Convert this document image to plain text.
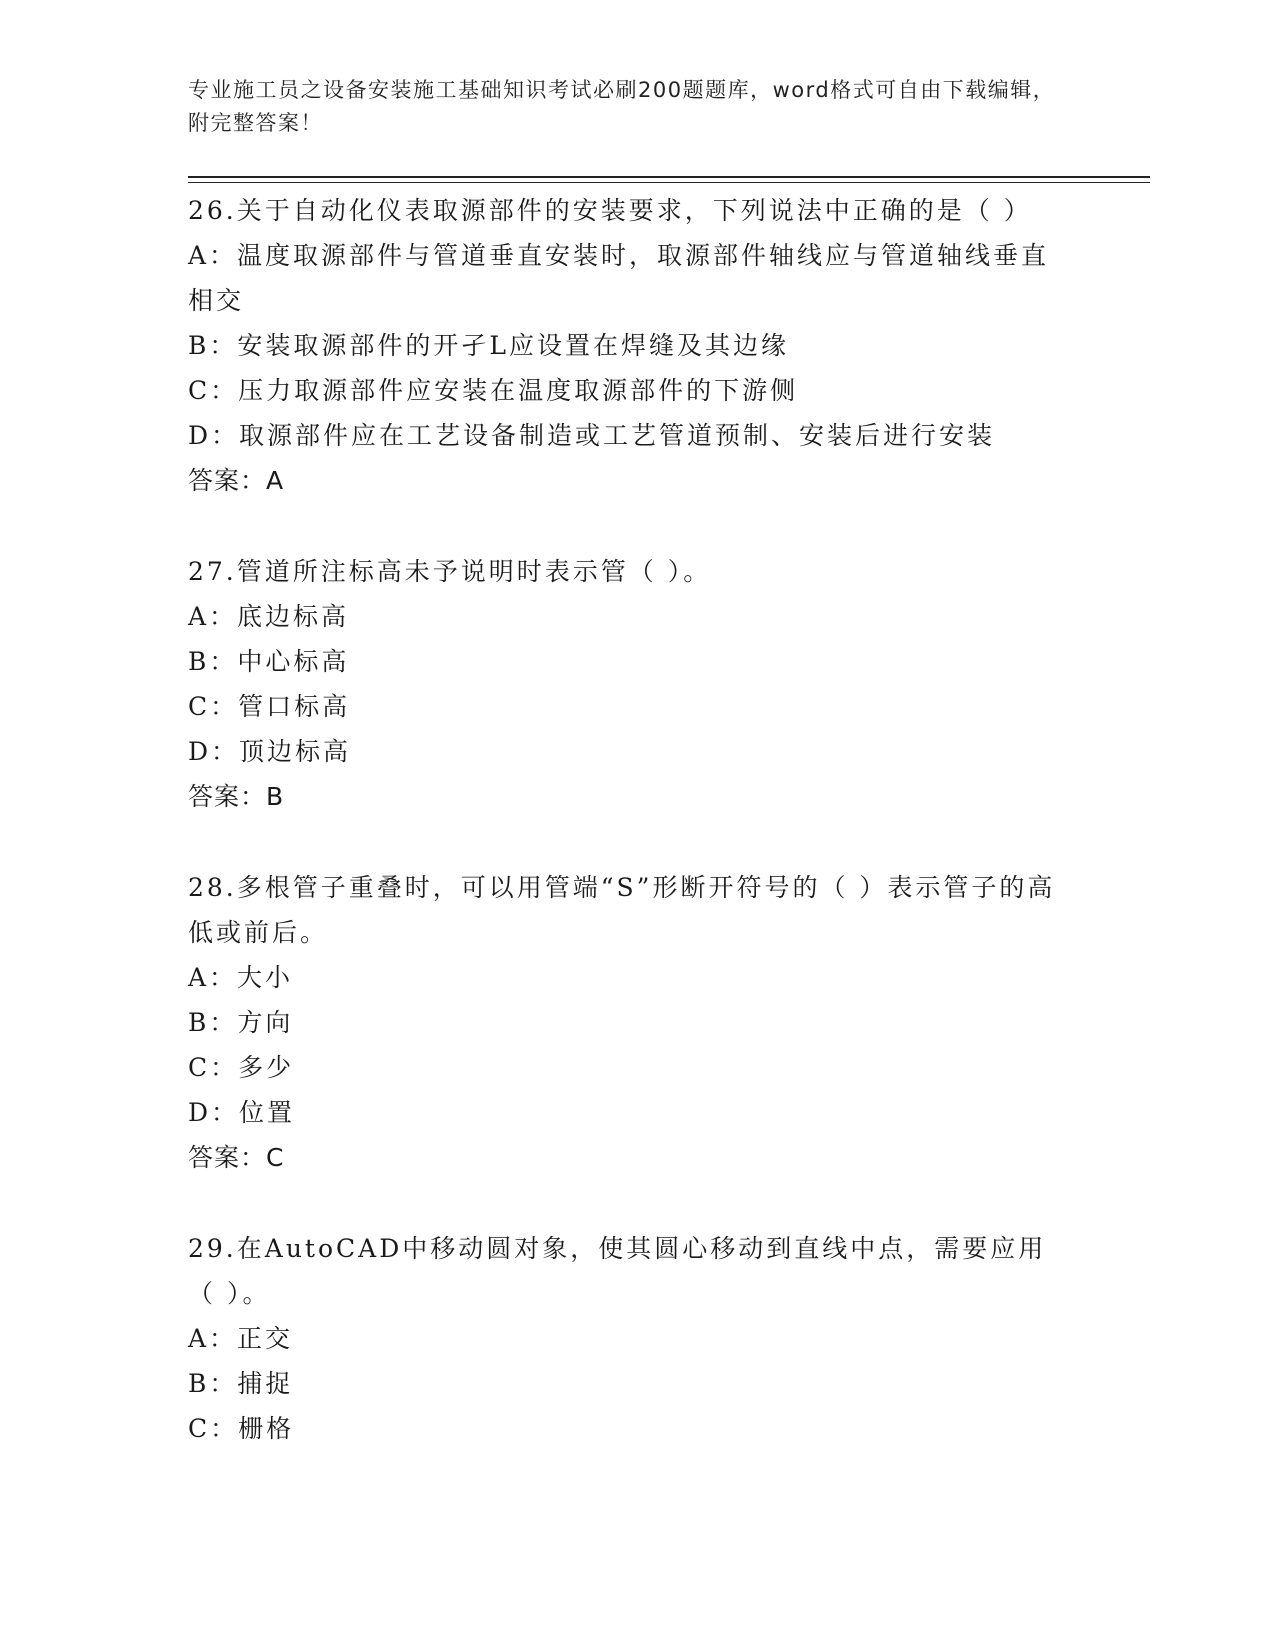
专业施工员之设备安装施工基础知识考试必刷200题题库，word格式可自由下载编辑，附完整答案！
26.关于自动化仪表取源部件的安装要求，下列说法中正确的是（ ）
A：温度取源部件与管道垂直安装时，取源部件轴线应与管道轴线垂直相交
B：安装取源部件的开孑L应设置在焊缝及其边缘
C：压力取源部件应安装在温度取源部件的下游侧
D：取源部件应在工艺设备制造或工艺管道预制、安装后进行安装
答案：A
27.管道所注标高未予说明时表示管（ ）。
A：底边标高
B：中心标高
C：管口标高
D：顶边标高
答案：B
28.多根管子重叠时，可以用管端“S”形断开符号的（ ）表示管子的高低或前后。
A：大小
B：方向
C：多少
D：位置
答案：C
29.在AutoCAD中移动圆对象，使其圆心移动到直线中点，需要应用（ ）。
A：正交
B：捕捉
C：栅格
